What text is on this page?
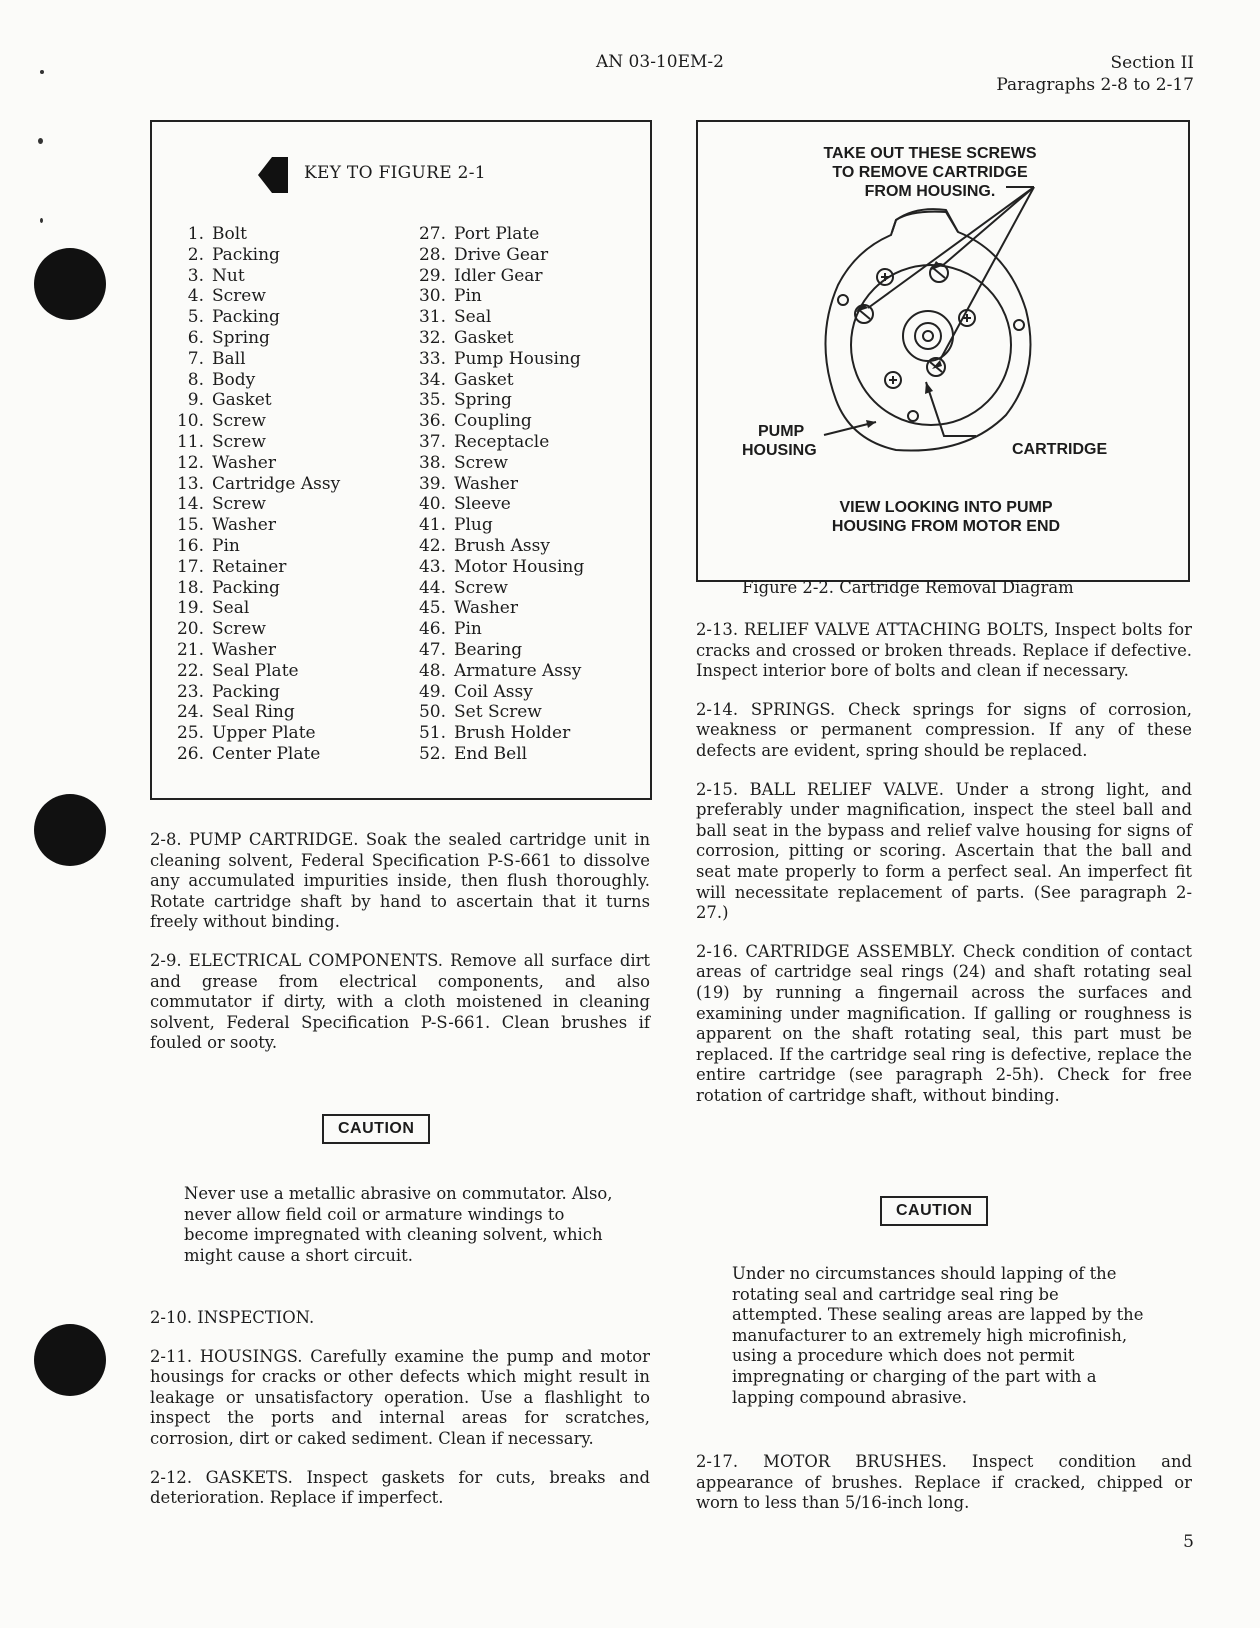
AN 03-10EM-2	Section II
Paragraphs 2-8 to 2-17
KEY TO FIGURE 2-1
1. Bolt
2. Packing
3. Nut
4. Screw
5. Packing
6. Spring
7. Ball
8. Body
9. Gasket
10. Screw
11. Screw
12. Washer
13. Cartridge Assy
14. Screw
15. Washer
16. Pin
17. Retainer
18. Packing
19. Seal
20. Screw
21. Washer
22. Seal Plate
23. Packing
24. Seal Ring
25. Upper Plate
26. Center Plate
27. Port Plate
28. Drive Gear
29. Idler Gear
30. Pin
31. Seal
32. Gasket
33. Pump Housing
34. Gasket
35. Spring
36. Coupling
37. Receptacle
38. Screw
39. Washer
40. Sleeve
41. Plug
42. Brush Assy
43. Motor Housing
44. Screw
45. Washer
46. Pin
47. Bearing
48. Armature Assy
49. Coil Assy
50. Set Screw
51. Brush Holder
52. End Bell
TAKE OUT THESE SCREWS
TO REMOVE CARTRIDGE
FROM HOUSING.
PUMP
HOUSING	CARTRIDGE
VIEW LOOKING INTO PUMP
HOUSING FROM MOTOR END
Figure 2-2. Cartridge Removal Diagram

2-8. PUMP CARTRIDGE. Soak the sealed cartridge unit in cleaning solvent, Federal Specification P-S-661 to dissolve any accumulated impurities inside, then flush thoroughly. Rotate cartridge shaft by hand to ascertain that it turns freely without binding.

2-9. ELECTRICAL COMPONENTS. Remove all surface dirt and grease from electrical components, and also commutator if dirty, with a cloth moistened in cleaning solvent, Federal Specification P-S-661. Clean brushes if fouled or sooty.

CAUTION
Never use a metallic abrasive on commutator. Also, never allow field coil or armature windings to become impregnated with cleaning solvent, which might cause a short circuit.

2-10. INSPECTION.

2-11. HOUSINGS. Carefully examine the pump and motor housings for cracks or other defects which might result in leakage or unsatisfactory operation. Use a flashlight to inspect the ports and internal areas for scratches, corrosion, dirt or caked sediment. Clean if necessary.

2-12. GASKETS. Inspect gaskets for cuts, breaks and deterioration. Replace if imperfect.

2-13. RELIEF VALVE ATTACHING BOLTS, Inspect bolts for cracks and crossed or broken threads. Replace if defective. Inspect interior bore of bolts and clean if necessary.

2-14. SPRINGS. Check springs for signs of corrosion, weakness or permanent compression. If any of these defects are evident, spring should be replaced.

2-15. BALL RELIEF VALVE. Under a strong light, and preferably under magnification, inspect the steel ball and ball seat in the bypass and relief valve housing for signs of corrosion, pitting or scoring. Ascertain that the ball and seat mate properly to form a perfect seal. An imperfect fit will necessitate replacement of parts. (See paragraph 2-27.)

2-16. CARTRIDGE ASSEMBLY. Check condition of contact areas of cartridge seal rings (24) and shaft rotating seal (19) by running a fingernail across the surfaces and examining under magnification. If galling or roughness is apparent on the shaft rotating seal, this part must be replaced. If the cartridge seal ring is defective, replace the entire cartridge (see paragraph 2-5h). Check for free rotation of cartridge shaft, without binding.

CAUTION
Under no circumstances should lapping of the rotating seal and cartridge seal ring be attempted. These sealing areas are lapped by the manufacturer to an extremely high microfinish, using a procedure which does not permit impregnating or charging of the part with a lapping compound abrasive.

2-17. MOTOR BRUSHES. Inspect condition and appearance of brushes. Replace if cracked, chipped or worn to less than 5/16-inch long.

5
